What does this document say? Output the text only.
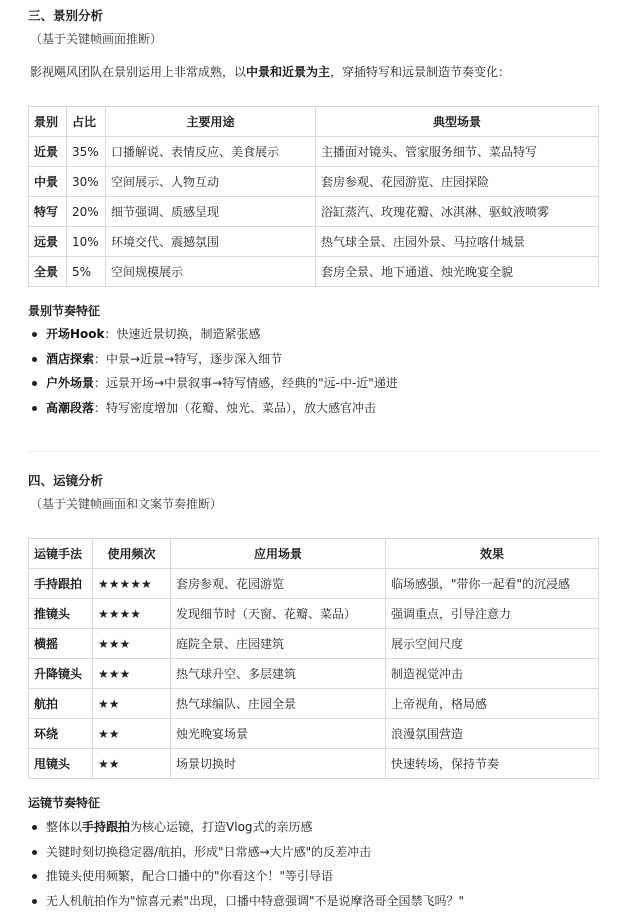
三、景别分析
（基于关键帧画面推断）
影视飓风团队在景别运用上非常成熟，以中景和近景为主，穿插特写和远景制造节奏变化：
景别	占比	主要用途	典型场景
近景	35%	口播解说、表情反应、美食展示	主播面对镜头、管家服务细节、菜品特写
中景	30%	空间展示、人物互动	套房参观、花园游览、庄园探险
特写	20%	细节强调、质感呈现	浴缸蒸汽、玫瑰花瓣、冰淇淋、驱蚊液喷雾
远景	10%	环境交代、震撼氛围	热气球全景、庄园外景、马拉喀什城景
全景	5%	空间规模展示	套房全景、地下通道、烛光晚宴全貌
景别节奏特征
开场Hook：快速近景切换，制造紧张感
酒店探索：中景→近景→特写，逐步深入细节
户外场景：远景开场→中景叙事→特写情感，经典的"远-中-近"递进
高潮段落：特写密度增加（花瓣、烛光、菜品），放大感官冲击
四、运镜分析
（基于关键帧画面和文案节奏推断）
运镜手法	使用频次	应用场景	效果
手持跟拍	★★★★★	套房参观、花园游览	临场感强，"带你一起看"的沉浸感
推镜头	★★★★	发现细节时（天窗、花瓣、菜品）	强调重点，引导注意力
横摇	★★★	庭院全景、庄园建筑	展示空间尺度
升降镜头	★★★	热气球升空、多层建筑	制造视觉冲击
航拍	★★	热气球编队、庄园全景	上帝视角，格局感
环绕	★★	烛光晚宴场景	浪漫氛围营造
甩镜头	★★	场景切换时	快速转场，保持节奏
运镜节奏特征
整体以手持跟拍为核心运镜，打造Vlog式的亲历感
关键时刻切换稳定器/航拍，形成"日常感→大片感"的反差冲击
推镜头使用频繁，配合口播中的"你看这个！"等引导语
无人机航拍作为"惊喜元素"出现，口播中特意强调"不是说摩洛哥全国禁飞吗？"
